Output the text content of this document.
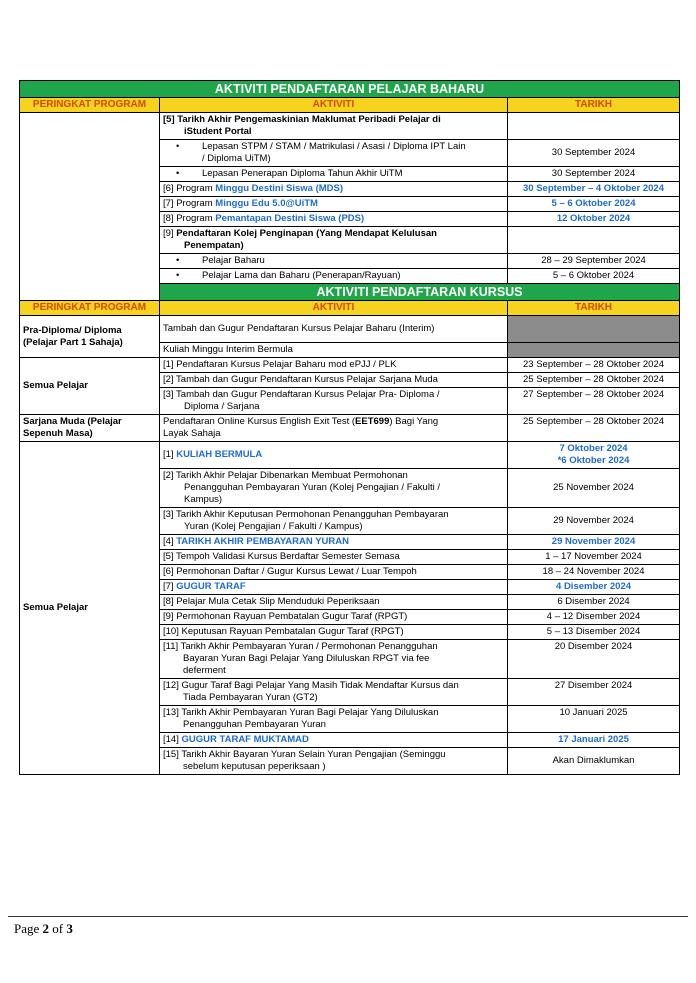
AKTIVITI PENDAFTARAN PELAJAR BAHARU		
PERINGKAT PROGRAM	AKTIVITI	TARIKH
	[5] Tarikh Akhir Pengemaskinian Maklumat Peribadi Pelajar di
iStudent Portal	

	• Lepasan STPM / STAM / Matrikulasi / Asasi / Diploma IPT Lain
/ Diploma UiTM)	30 September 2024

	• Lepasan Penerapan Diploma Tahun Akhir UiTM	30 September 2024
	[6] Program Minggu Destini Siswa (MDS)	30 September – 4 Oktober 2024
	[7] Program Minggu Edu 5.0@UiTM	5 – 6 Oktober 2024
	[8] Program Pemantapan Destini Siswa (PDS)	12 Oktober 2024
	[9] Pendaftaran Kolej Penginapan (Yang Mendapat Kelulusan
Penempatan)	

	• Pelajar Baharu	28 – 29 September 2024

	• Pelajar Lama dan Baharu (Penerapan/Rayuan)	5 – 6 Oktober 2024
	AKTIVITI PENDAFTARAN KURSUS	
PERINGKAT PROGRAM	AKTIVITI	TARIKH

Pra-Diploma/ Diploma
(Pelajar Part 1 Sahaja)	Tambah dan Gugur Pendaftaran Kursus Pelajar Baharu (Interim)	
	Kuliah Minggu Interim Bermula	
Semua Pelajar	[1] Pendaftaran Kursus Pelajar Baharu mod ePJJ / PLK	23 September – 28 Oktober 2024
	[2] Tambah dan Gugur Pendaftaran Kursus Pelajar Sarjana Muda	25 September – 28 Oktober 2024
	[3] Tambah dan Gugur Pendaftaran Kursus Pelajar Pra- Diploma /
Diploma / Sarjana	27 September – 28 Oktober 2024

Sarjana Muda (Pelajar
Sepenuh Masa)	Pendaftaran Online Kursus English Exit Test (EET699) Bagi Yang
Layak Sahaja	25 September – 28 Oktober 2024
Semua Pelajar	[1] KULIAH BERMULA	7 Oktober 2024
*6 Oktober 2024

	[2] Tarikh Akhir Pelajar Dibenarkan Membuat Permohonan
Penangguhan Pembayaran Yuran (Kolej Pengajian / Fakulti /
Kampus)	25 November 2024
	[3] Tarikh Akhir Keputusan Permohonan Penangguhan Pembayaran
Yuran (Kolej Pengajian / Fakulti / Kampus)	29 November 2024
	[4] TARIKH AKHIR PEMBAYARAN YURAN	29 November 2024
	[5] Tempoh Validasi Kursus Berdaftar Semester Semasa	1 – 17 November 2024
	[6] Permohonan Daftar / Gugur Kursus Lewat / Luar Tempoh	18 – 24 November 2024
	[7] GUGUR TARAF	4 Disember 2024
	[8] Pelajar Mula Cetak Slip Menduduki Peperiksaan	6 Disember 2024
	[9] Permohonan Rayuan Pembatalan Gugur Taraf (RPGT)	4 – 12 Disember 2024
	[10] Keputusan Rayuan Pembatalan Gugur Taraf (RPGT)	5 – 13 Disember 2024
	[11] Tarikh Akhir Pembayaran Yuran / Permohonan Penangguhan
Bayaran Yuran Bagi Pelajar Yang Diluluskan RPGT via fee
deferment	20 Disember 2024
	[12] Gugur Taraf Bagi Pelajar Yang Masih Tidak Mendaftar Kursus dan
Tiada Pembayaran Yuran (GT2)	27 Disember 2024
	[13] Tarikh Akhir Pembayaran Yuran Bagi Pelajar Yang Diluluskan
Penangguhan Pembayaran Yuran	10 Januari 2025
	[14] GUGUR TARAF MUKTAMAD	17 Januari 2025
	[15] Tarikh Akhir Bayaran Yuran Selain Yuran Pengajian (Seminggu
sebelum keputusan peperiksaan )	Akan Dimaklumkan
Page 2 of 3
